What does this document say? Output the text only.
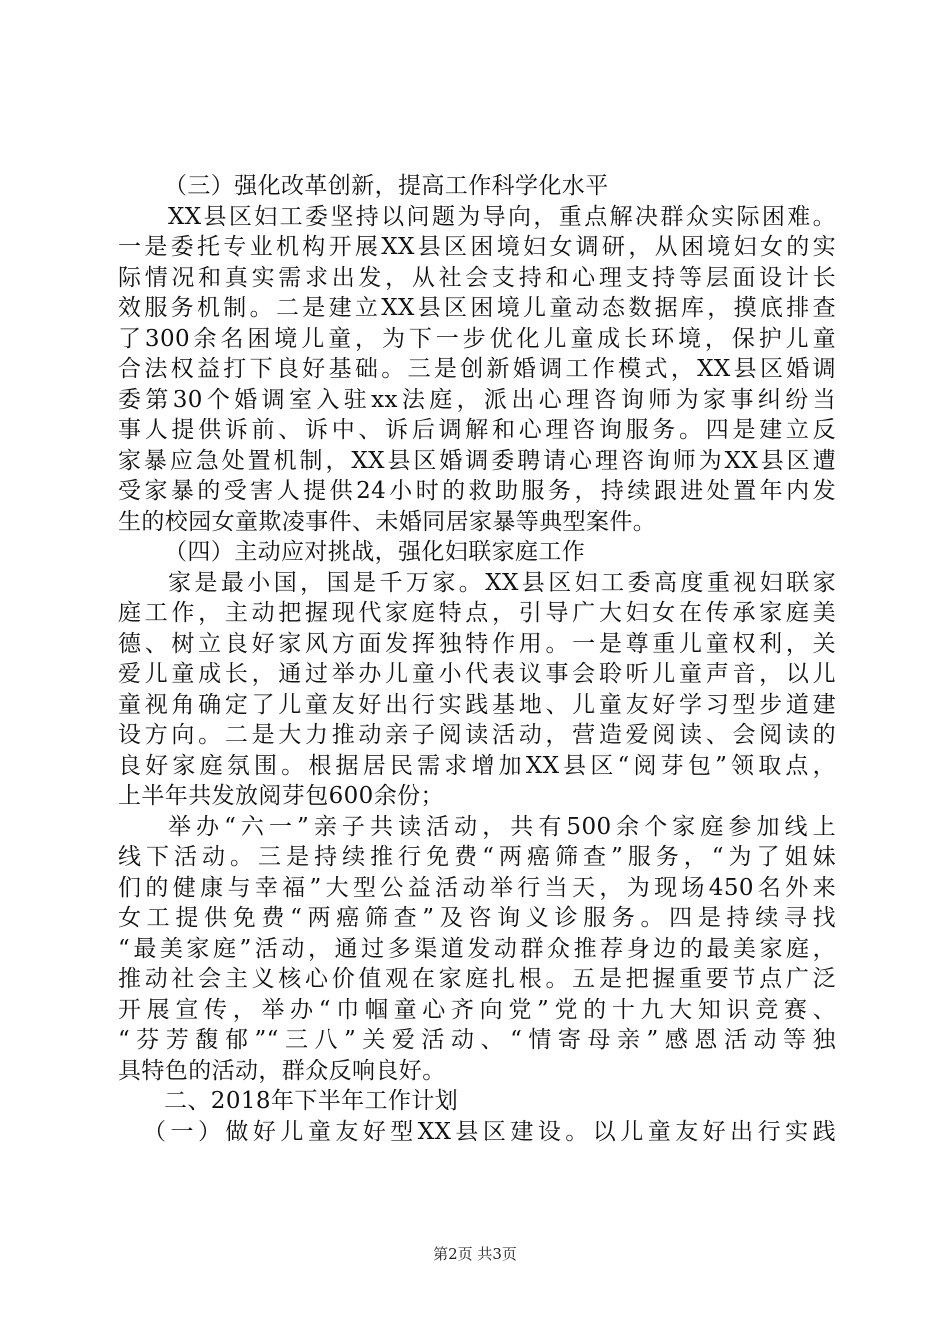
（三）强化改革创新，提高工作科学化水平
XX县区妇工委坚持以问题为导向，重点解决群众实际困难。
一是委托专业机构开展XX县区困境妇女调研，从困境妇女的实
际情况和真实需求出发，从社会支持和心理支持等层面设计长
效服务机制。二是建立XX县区困境儿童动态数据库，摸底排查
了300余名困境儿童，为下一步优化儿童成长环境，保护儿童
合法权益打下良好基础。三是创新婚调工作模式，XX县区婚调
委第30个婚调室入驻xx法庭，派出心理咨询师为家事纠纷当
事人提供诉前、诉中、诉后调解和心理咨询服务。四是建立反
家暴应急处置机制，XX县区婚调委聘请心理咨询师为XX县区遭
受家暴的受害人提供24小时的救助服务，持续跟进处置年内发
生的校园女童欺凌事件、未婚同居家暴等典型案件。
（四）主动应对挑战，强化妇联家庭工作
家是最小国，国是千万家。XX县区妇工委高度重视妇联家
庭工作，主动把握现代家庭特点，引导广大妇女在传承家庭美
德、树立良好家风方面发挥独特作用。一是尊重儿童权利，关
爱儿童成长，通过举办儿童小代表议事会聆听儿童声音，以儿
童视角确定了儿童友好出行实践基地、儿童友好学习型步道建
设方向。二是大力推动亲子阅读活动，营造爱阅读、会阅读的
良好家庭氛围。根据居民需求增加XX县区“阅芽包”领取点，
上半年共发放阅芽包600余份；
举办“六一”亲子共读活动，共有500余个家庭参加线上
线下活动。三是持续推行免费“两癌筛查”服务，“为了姐妹
们的健康与幸福”大型公益活动举行当天，为现场450名外来
女工提供免费“两癌筛查”及咨询义诊服务。四是持续寻找
“最美家庭”活动，通过多渠道发动群众推荐身边的最美家庭，
推动社会主义核心价值观在家庭扎根。五是把握重要节点广泛
开展宣传，举办“巾帼童心齐向党”党的十九大知识竞赛、
“芬芳馥郁”“三八”关爱活动、“情寄母亲”感恩活动等独
具特色的活动，群众反响良好。
二、2018年下半年工作计划
（一）做好儿童友好型XX县区建设。以儿童友好出行实践
第2页 共3页
